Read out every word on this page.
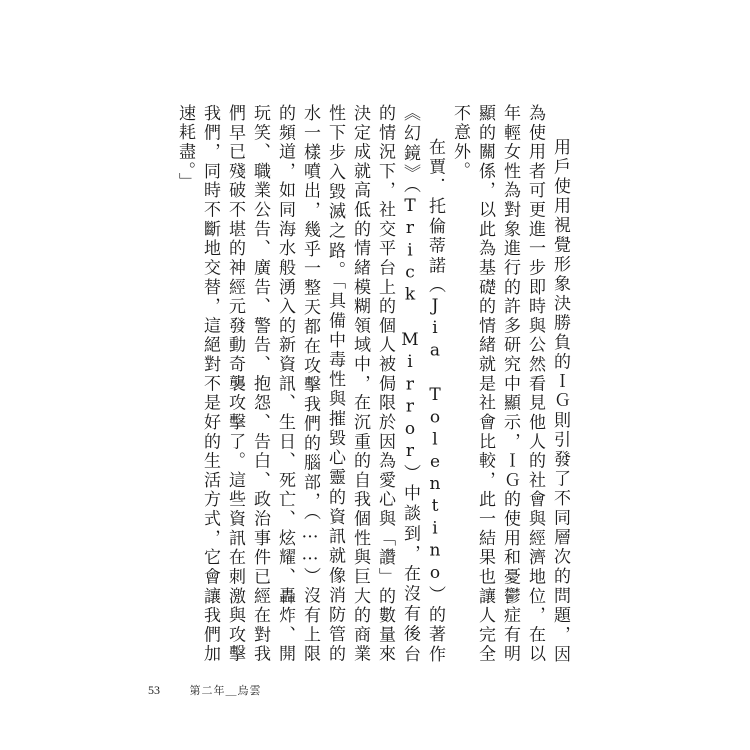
用戶使用視覺形象決勝負的ＩＧ則引發了不同層次的問題，因為使用者可更進一步即時與公然看見他人的社會與經濟地位，在以年輕女性為對象進行的許多研究中顯示，ＩＧ的使用和憂鬱症有明顯的關係，以此為基礎的情緒就是社會比較，此一結果也讓人完全不意外。

在賈．托倫蒂諾（Jia Tolentino）的著作《幻鏡》（Trick Mirror）中談到，在沒有後台的情況下，社交平台上的個人被侷限於因為愛心與「讚」的數量來決定成就高低的情緒模糊領域中，在沉重的自我個性與巨大的商業性下步入毀滅之路。「具備中毒性與摧毀心靈的資訊就像消防管的水一樣噴出，幾乎一整天都在攻擊我們的腦部，（……）沒有上限的頻道，如同海水般湧入的新資訊、生日、死亡、炫耀、轟炸、開玩笑、職業公告、廣告、警告、抱怨、告白、政治事件已經在對我們早已殘破不堪的神經元發動奇襲攻擊了。這些資訊在刺激與攻擊我們，同時不斷地交替，這絕對不是好的生活方式，它會讓我們加速耗盡。」

53	第二年＿烏雲
